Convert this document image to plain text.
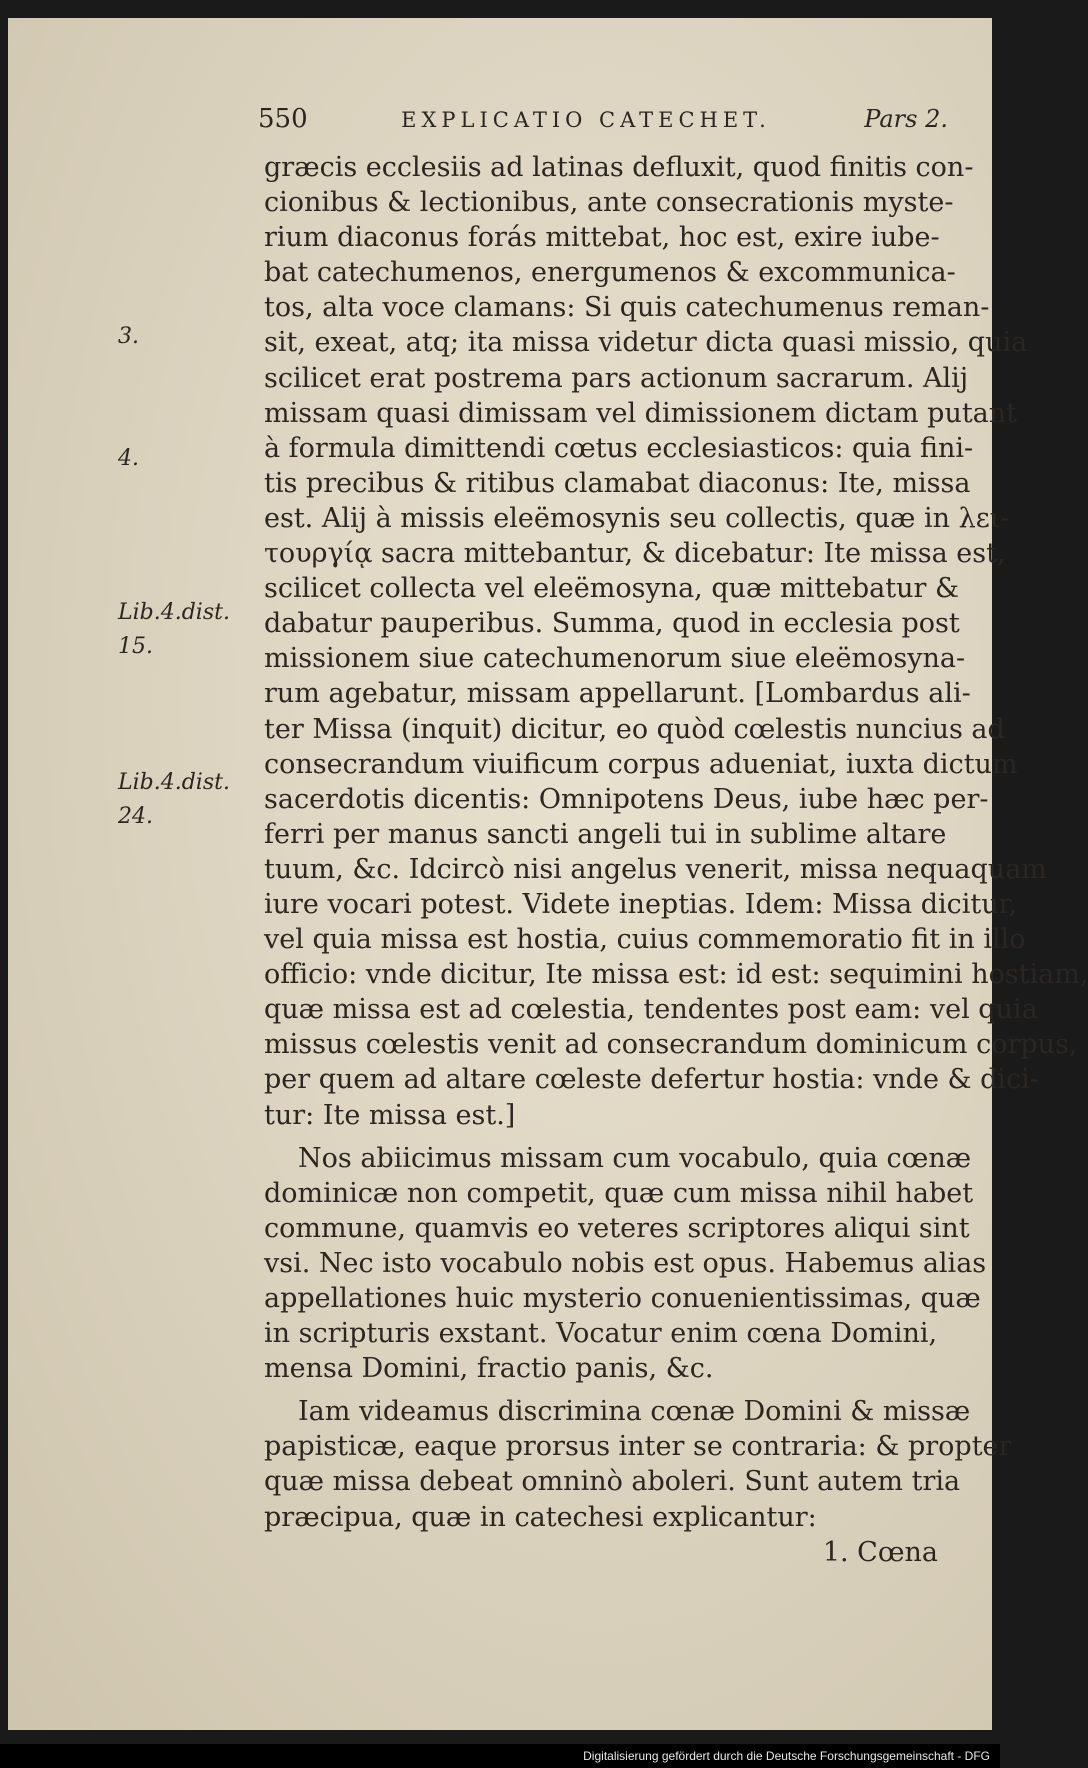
550	EXPLICATIO CATECHET.	Pars 2.
3.
4.
Lib.4.dist.
15.
Lib.4.dist.
24.
græcis ecclesiis ad latinas defluxit, quod finitis con-
cionibus & lectionibus, ante consecrationis myste-
rium diaconus forás mittebat, hoc est, exire iube-
bat catechumenos, energumenos & excommunica-
tos, alta voce clamans: Si quis catechumenus reman-
sit, exeat, atq; ita missa videtur dicta quasi missio, quia
scilicet erat postrema pars actionum sacrarum. Alij
missam quasi dimissam vel dimissionem dictam putant
à formula dimittendi cœtus ecclesiasticos: quia fini-
tis precibus & ritibus clamabat diaconus: Ite, missa
est. Alij à missis eleëmosynis seu collectis, quæ in λει-
τουργίᾳ sacra mittebantur, & dicebatur: Ite missa est,
scilicet collecta vel eleëmosyna, quæ mittebatur &
dabatur pauperibus. Summa, quod in ecclesia post
missionem siue catechumenorum siue eleëmosyna-
rum agebatur, missam appellarunt. [Lombardus ali-
ter Missa (inquit) dicitur, eo quòd cœlestis nuncius ad
consecrandum viuificum corpus adueniat, iuxta dictum
sacerdotis dicentis: Omnipotens Deus, iube hæc per-
ferri per manus sancti angeli tui in sublime altare
tuum, &c. Idcircò nisi angelus venerit, missa nequaquam
iure vocari potest. Videte ineptias. Idem: Missa dicitur,
vel quia missa est hostia, cuius commemoratio fit in illo
officio: vnde dicitur, Ite missa est: id est: sequimini hostiam,
quæ missa est ad cœlestia, tendentes post eam: vel quia
missus cœlestis venit ad consecrandum dominicum corpus,
per quem ad altare cœleste defertur hostia: vnde & dici-
tur: Ite missa est.]
Nos abiicimus missam cum vocabulo, quia cœnæ
dominicæ non competit, quæ cum missa nihil habet
commune, quamvis eo veteres scriptores aliqui sint
vsi. Nec isto vocabulo nobis est opus. Habemus alias
appellationes huic mysterio conuenientissimas, quæ
in scripturis exstant. Vocatur enim cœna Domini,
mensa Domini, fractio panis, &c.
Iam videamus discrimina cœnæ Domini & missæ
papisticæ, eaque prorsus inter se contraria: & propter
quæ missa debeat omninò aboleri. Sunt autem tria
præcipua, quæ in catechesi explicantur:
1. Cœna
Digitalisierung gefördert durch die Deutsche Forschungsgemeinschaft - DFG
